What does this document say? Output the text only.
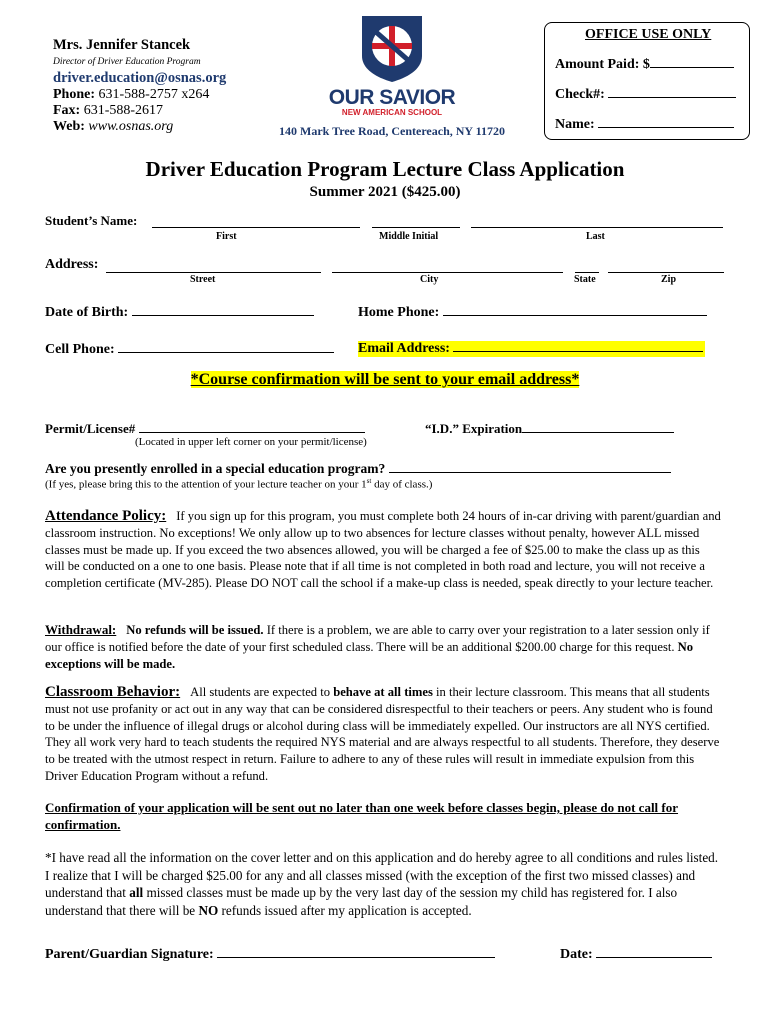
Mrs. Jennifer Stancek
Director of Driver Education Program
driver.education@osnas.org
Phone: 631-588-2757 x264
Fax: 631-588-2617
Web: www.osnas.org
OUR SAVIOR
NEW AMERICAN SCHOOL
140 Mark Tree Road, Centereach, NY 11720
OFFICE USE ONLY
Amount Paid: $
Check#:
Name:
Driver Education Program Lecture Class Application
Summer 2021 ($425.00)
Student’s Name:
First	Middle Initial	Last
Address:
Street	City	State	Zip
Date of Birth:	Home Phone:
Cell Phone:	Email Address:
*Course confirmation will be sent to your email address*
Permit/License#
(Located in upper left corner on your permit/license)
“I.D.” Expiration
Are you presently enrolled in a special education program?
(If yes, please bring this to the attention of your lecture teacher on your 1st day of class.)
Attendance Policy: If you sign up for this program, you must complete both 24 hours of in-car driving with parent/guardian and classroom instruction. No exceptions! We only allow up to two absences for lecture classes without penalty, however ALL missed classes must be made up. If you exceed the two absences allowed, you will be charged a fee of $25.00 to make the class up as this will be conducted on a one to one basis. Please note that if all time is not completed in both road and lecture, you will not receive a completion certificate (MV-285). Please DO NOT call the school if a make-up class is needed, speak directly to your lecture teacher.
Withdrawal: No refunds will be issued. If there is a problem, we are able to carry over your registration to a later session only if our office is notified before the date of your first scheduled class. There will be an additional $200.00 charge for this request. No exceptions will be made.
Classroom Behavior: All students are expected to behave at all times in their lecture classroom. This means that all students must not use profanity or act out in any way that can be considered disrespectful to their teachers or peers. Any student who is found to be under the influence of illegal drugs or alcohol during class will be immediately expelled. Our instructors are all NYS certified. They all work very hard to teach students the required NYS material and are always respectful to all students. Therefore, they deserve to be treated with the utmost respect in return. Failure to adhere to any of these rules will result in immediate expulsion from this Driver Education Program without a refund.
Confirmation of your application will be sent out no later than one week before classes begin, please do not call for confirmation.
*I have read all the information on the cover letter and on this application and do hereby agree to all conditions and rules listed. I realize that I will be charged $25.00 for any and all classes missed (with the exception of the first two missed classes) and understand that all missed classes must be made up by the very last day of the session my child has registered for. I also understand that there will be NO refunds issued after my application is accepted.
Parent/Guardian Signature:	Date:
